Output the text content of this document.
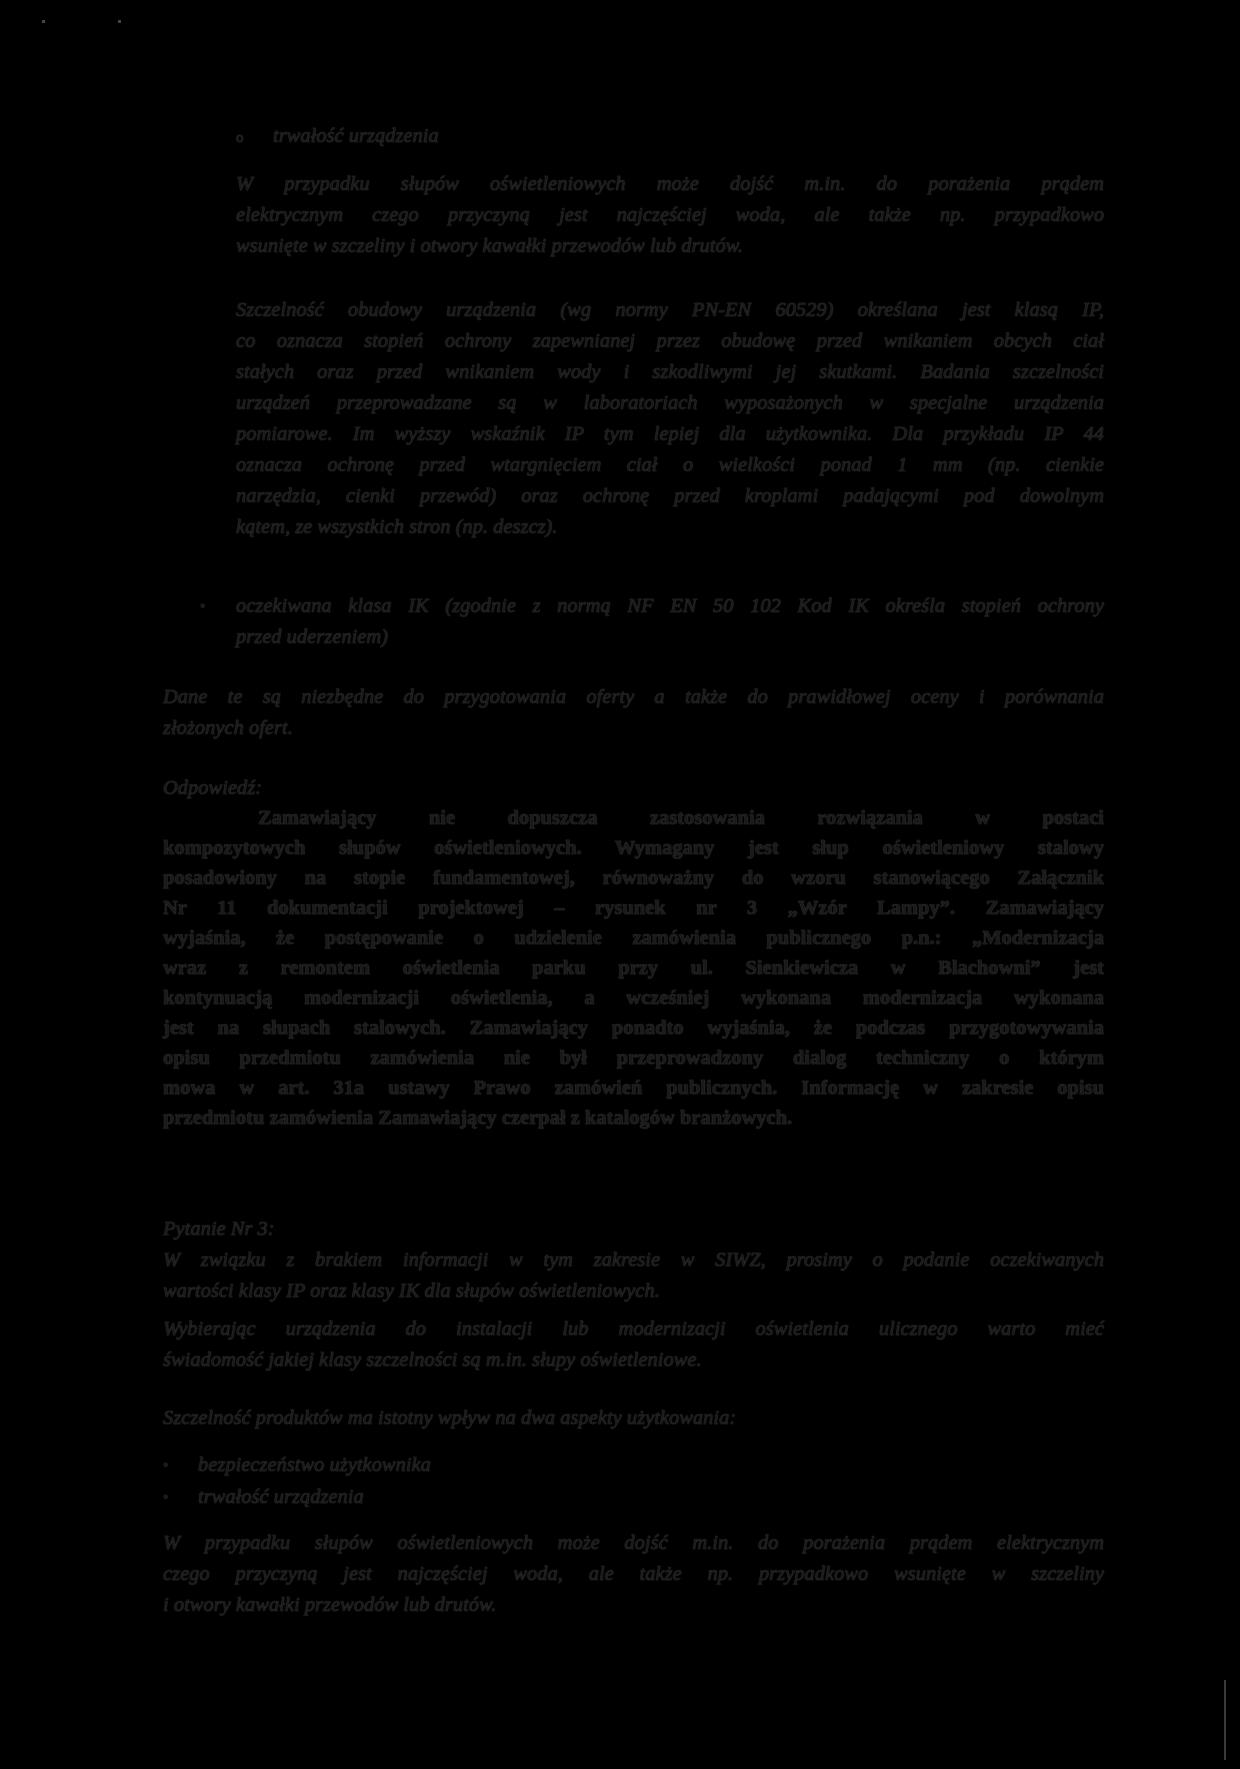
o trwałość urządzenia
W przypadku słupów oświetleniowych może dojść m.in. do porażenia prądem
elektrycznym czego przyczyną jest najczęściej woda, ale także np. przypadkowo
wsunięte w szczeliny i otwory kawałki przewodów lub drutów.
Szczelność obudowy urządzenia (wg normy PN-EN 60529) określana jest klasą IP,
co oznacza stopień ochrony zapewnianej przez obudowę przed wnikaniem obcych ciał
stałych oraz przed wnikaniem wody i szkodliwymi jej skutkami. Badania szczelności
urządzeń przeprowadzane są w laboratoriach wyposażonych w specjalne urządzenia
pomiarowe. Im wyższy wskaźnik IP tym lepiej dla użytkownika. Dla przykładu IP 44
oznacza ochronę przed wtargnięciem ciał o wielkości ponad 1 mm (np. cienkie
narzędzia, cienki przewód) oraz ochronę przed kroplami padającymi pod dowolnym
kątem, ze wszystkich stron (np. deszcz).
• oczekiwana klasa IK (zgodnie z normą NF EN 50 102 Kod IK określa stopień ochrony
przed uderzeniem)
Dane te są niezbędne do przygotowania oferty a także do prawidłowej oceny i porównania
złożonych ofert.
Odpowiedź:
Zamawiający nie dopuszcza zastosowania rozwiązania w postaci
kompozytowych słupów oświetleniowych. Wymagany jest słup oświetleniowy stalowy
posadowiony na stopie fundamentowej, równoważny do wzoru stanowiącego Załącznik
Nr 11 dokumentacji projektowej – rysunek nr 3 „Wzór Lampy”. Zamawiający
wyjaśnia, że postępowanie o udzielenie zamówienia publicznego p.n.: „Modernizacja
wraz z remontem oświetlenia parku przy ul. Sienkiewicza w Blachowni” jest
kontynuacją modernizacji oświetlenia, a wcześniej wykonana modernizacja wykonana
jest na słupach stalowych. Zamawiający ponadto wyjaśnia, że podczas przygotowywania
opisu przedmiotu zamówienia nie był przeprowadzony dialog techniczny o którym
mowa w art. 31a ustawy Prawo zamówień publicznych. Informację w zakresie opisu
przedmiotu zamówienia Zamawiający czerpał z katalogów branżowych.
Pytanie Nr 3:
W związku z brakiem informacji w tym zakresie w SIWZ, prosimy o podanie oczekiwanych
wartości klasy IP oraz klasy IK dla słupów oświetleniowych.
Wybierając urządzenia do instalacji lub modernizacji oświetlenia ulicznego warto mieć
świadomość jakiej klasy szczelności są m.in. słupy oświetleniowe.
Szczelność produktów ma istotny wpływ na dwa aspekty użytkowania:
• bezpieczeństwo użytkownika
• trwałość urządzenia
W przypadku słupów oświetleniowych może dojść m.in. do porażenia prądem elektrycznym
czego przyczyną jest najczęściej woda, ale także np. przypadkowo wsunięte w szczeliny
i otwory kawałki przewodów lub drutów.
